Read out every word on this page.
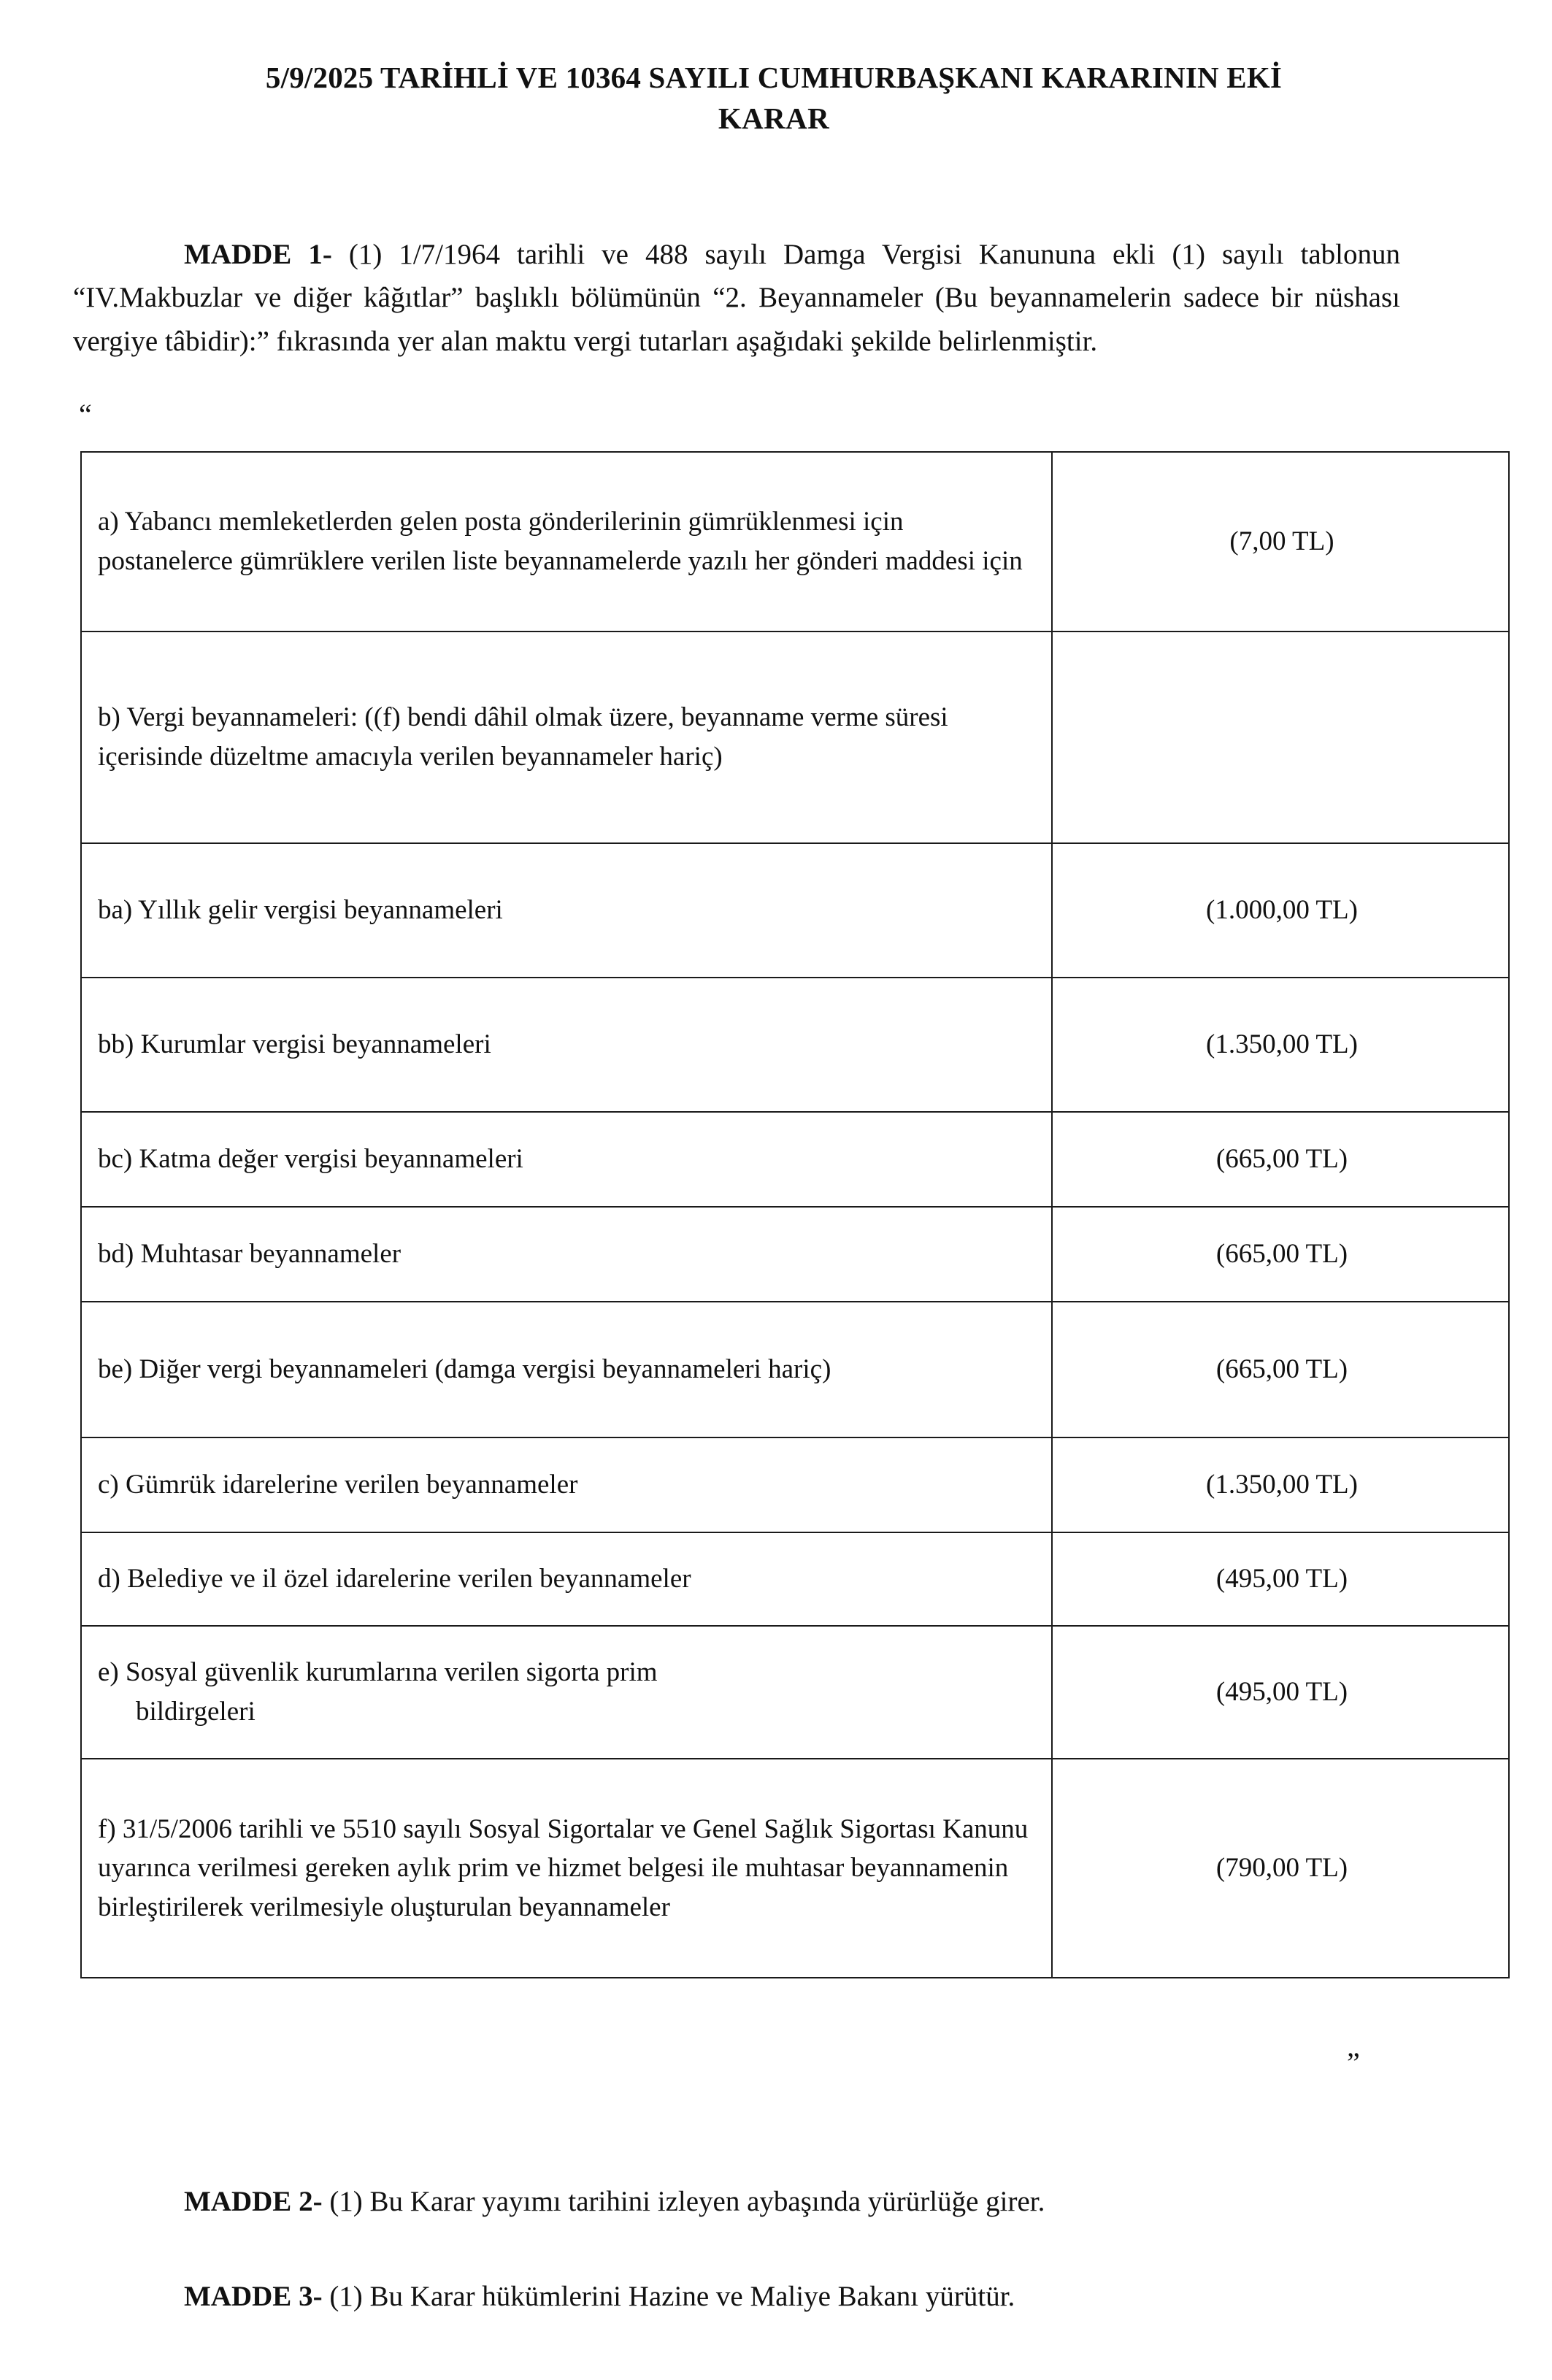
5/9/2025 TARİHLİ VE 10364 SAYILI CUMHURBAŞKANI KARARININ EKİ
KARAR

MADDE 1- (1) 1/7/1964 tarihli ve 488 sayılı Damga Vergisi Kanununa ekli (1) sayılı tablonun “IV.Makbuzlar ve diğer kâğıtlar” başlıklı bölümünün “2. Beyannameler (Bu beyannamelerin sadece bir nüshası vergiye tâbidir):” fıkrasında yer alan maktu vergi tutarları aşağıdaki şekilde belirlenmiştir.

“
a) Yabancı memleketlerden gelen posta gönderilerinin gümrüklenmesi için postanelerce gümrüklere verilen liste beyannamelerde yazılı her gönderi maddesi için	(7,00 TL)
b) Vergi beyannameleri: ((f) bendi dâhil olmak üzere, beyanname verme süresi içerisinde düzeltme amacıyla verilen beyannameler hariç)	
ba) Yıllık gelir vergisi beyannameleri	(1.000,00 TL)
bb) Kurumlar vergisi beyannameleri	(1.350,00 TL)
bc) Katma değer vergisi beyannameleri	(665,00 TL)
bd) Muhtasar beyannameler	(665,00 TL)
be) Diğer vergi beyannameleri (damga vergisi beyannameleri hariç)	(665,00 TL)
c) Gümrük idarelerine verilen beyannameler	(1.350,00 TL)
d) Belediye ve il özel idarelerine verilen beyannameler	(495,00 TL)
e) Sosyal güvenlik kurumlarına verilen sigorta prim
bildirgeleri	(495,00 TL)
f) 31/5/2006 tarihli ve 5510 sayılı Sosyal Sigortalar ve Genel Sağlık Sigortası Kanunu uyarınca verilmesi gereken aylık prim ve hizmet belgesi ile muhtasar beyannamenin birleştirilerek verilmesiyle oluşturulan beyannameler	(790,00 TL)
”

MADDE 2- (1) Bu Karar yayımı tarihini izleyen aybaşında yürürlüğe girer.

MADDE 3- (1) Bu Karar hükümlerini Hazine ve Maliye Bakanı yürütür.
